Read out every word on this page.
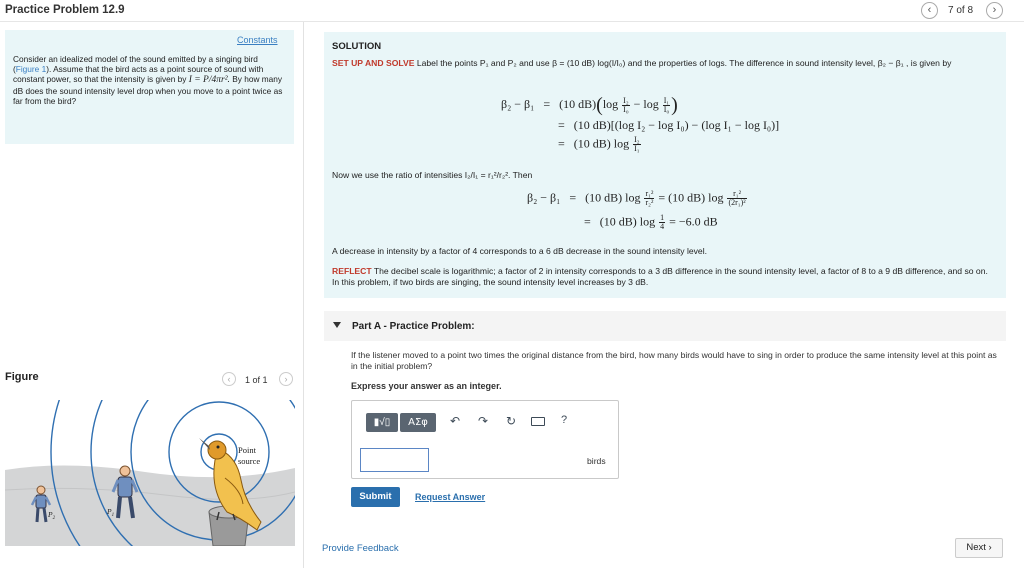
Practice Problem 12.9	‹	7 of 8	›
Constants
Consider an idealized model of the sound emitted by a singing bird (Figure 1). Assume that the bird acts as a point source of sound with constant power, so that the intensity is given by I = P/4πr². By how many dB does the sound intensity level drop when you move to a point twice as far from the bird?
Figure	‹	1 of 1	›
Point
source
$P_1$
$P_2$
SOLUTION
SET UP AND SOLVE Label the points P₁ and P₂ and use β = (10 dB) log(I/I₀) and the properties of logs. The difference in sound intensity level, β₂ − β₁ , is given by
β₂ − β₁ = (10 $dB)(\log \frac{\text{I₂}}{\text{I₀}} - \log \frac{\text{I₁}}{\text{I₀}}$ )
= (10 dB)[(log I₂ − log I₀) − (log I₁ − log I₀)]
= (10 dB) $\log \frac{\text{I₂}}{\text{I₁}}$
Now we use the ratio of intensities I₂/I₁ = r₁²/r₂². Then
β₂ − β₁ = (10 dB) $\log \frac{\text{r₁²}}{\text{r₂²}} = (10$ dB) $\log \frac{\text{r₁²}}{\text{(2r₁)²}}$
= (10 dB) $\log \frac{1}{4} = -6.0$ dB
A decrease in intensity by a factor of 4 corresponds to a 6 dB decrease in the sound intensity level.
REFLECT The decibel scale is logarithmic; a factor of 2 in intensity corresponds to a 3 dB difference in the sound intensity level, a factor of 8 to a 9 dB difference, and so on. In this problem, if two birds are singing, the sound intensity level increases by 3 dB.
Part A - Practice Problem:
If the listener moved to a point two times the original distance from the bird, how many birds would have to sing in order to produce the same intensity level at this point as in the initial problem?
Express your answer as an integer.
▮√▯	ΑΣφ	↶ ↷ ↻	?
birds
Submit	Request Answer
Provide Feedback	Next ›
